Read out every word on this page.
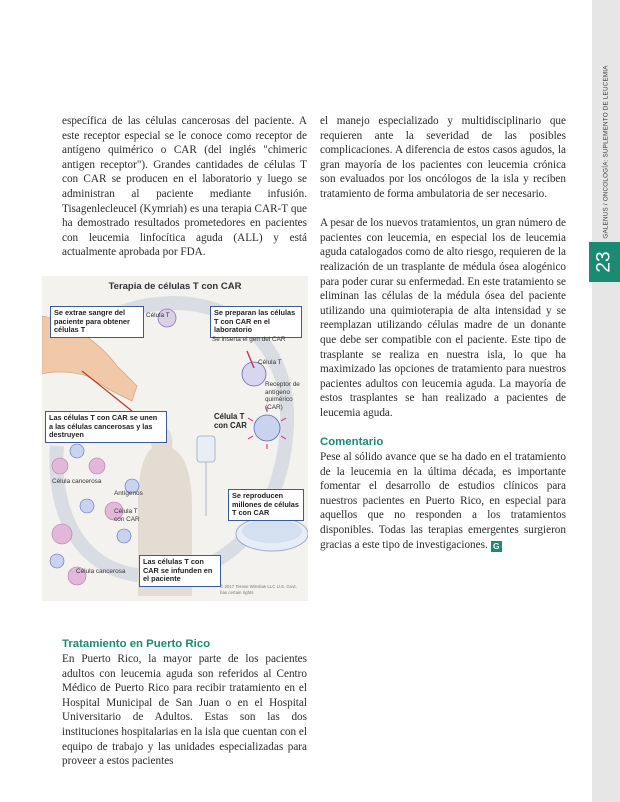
GALENUS / ONCOLOGÍA: SUPLEMENTO DE LEUCEMIA
23

específica de las células cancerosas del paciente. A este receptor especial se le conoce como receptor de antígeno quimérico o CAR (del inglés "chimeric antigen receptor"). Grandes cantidades de células T con CAR se producen en el laboratorio y luego se administran al paciente mediante infusión. Tisagenlecleucel (Kymriah) es una terapia CAR-T que ha demostrado resultados prometedores en pacientes con leucemia linfocítica aguda (ALL) y está actualmente aprobada por FDA.

Terapia de células T con CAR
Se extrae sangre del paciente para obtener células T
Se preparan las células T con CAR en el laboratorio
Las células T con CAR se unen a las células cancerosas y las destruyen
Se reproducen millones de células T con CAR
Las células T con CAR se infunden en el paciente
Célula T
Se inserta el gen del CAR
Célula T
Receptor de antígeno quimérico (CAR)
Célula T con CAR
Célula cancerosa
Antígenos
Célula T con CAR
Célula cancerosa
© 2017 Terese Winslow LLC U.S. Govt. has certain rights
Tratamiento en Puerto Rico

En Puerto Rico, la mayor parte de los pacientes adultos con leucemia aguda son referidos al Centro Médico de Puerto Rico para recibir tratamiento en el Hospital Municipal de San Juan o en el Hospital Universitario de Adultos. Estas son las dos instituciones hospitalarias en la isla que cuentan con el equipo de trabajo y las unidades especializadas para proveer a estos pacientes

el manejo especializado y multidisciplinario que requieren ante la severidad de las posibles complicaciones. A diferencia de estos casos agudos, la gran mayoría de los pacientes con leucemia crónica son evaluados por los oncólogos de la isla y reciben tratamiento de forma ambulatoria de ser necesario.

A pesar de los nuevos tratamientos, un gran número de pacientes con leucemia, en especial los de leucemia aguda catalogados como de alto riesgo, requieren de la realización de un trasplante de médula ósea alogénico para poder curar su enfermedad. En este tratamiento se eliminan las células de la médula ósea del paciente utilizando una quimioterapia de alta intensidad y se reemplazan utilizando células madre de un donante que debe ser compatible con el paciente. Este tipo de trasplante se realiza en nuestra isla, lo que ha maximizado las opciones de tratamiento para nuestros pacientes adultos con leucemia aguda. La mayoría de estos trasplantes se han realizado a pacientes de leucemia aguda.

Comentario

Pese al sólido avance que se ha dado en el tratamiento de la leucemia en la última década, es importante fomentar el desarrollo de estudios clínicos para nuestros pacientes en Puerto Rico, en especial para aquellos que no responden a los tratamientos disponibles. Todas las terapias emergentes surgieron gracias a este tipo de investigaciones. G
